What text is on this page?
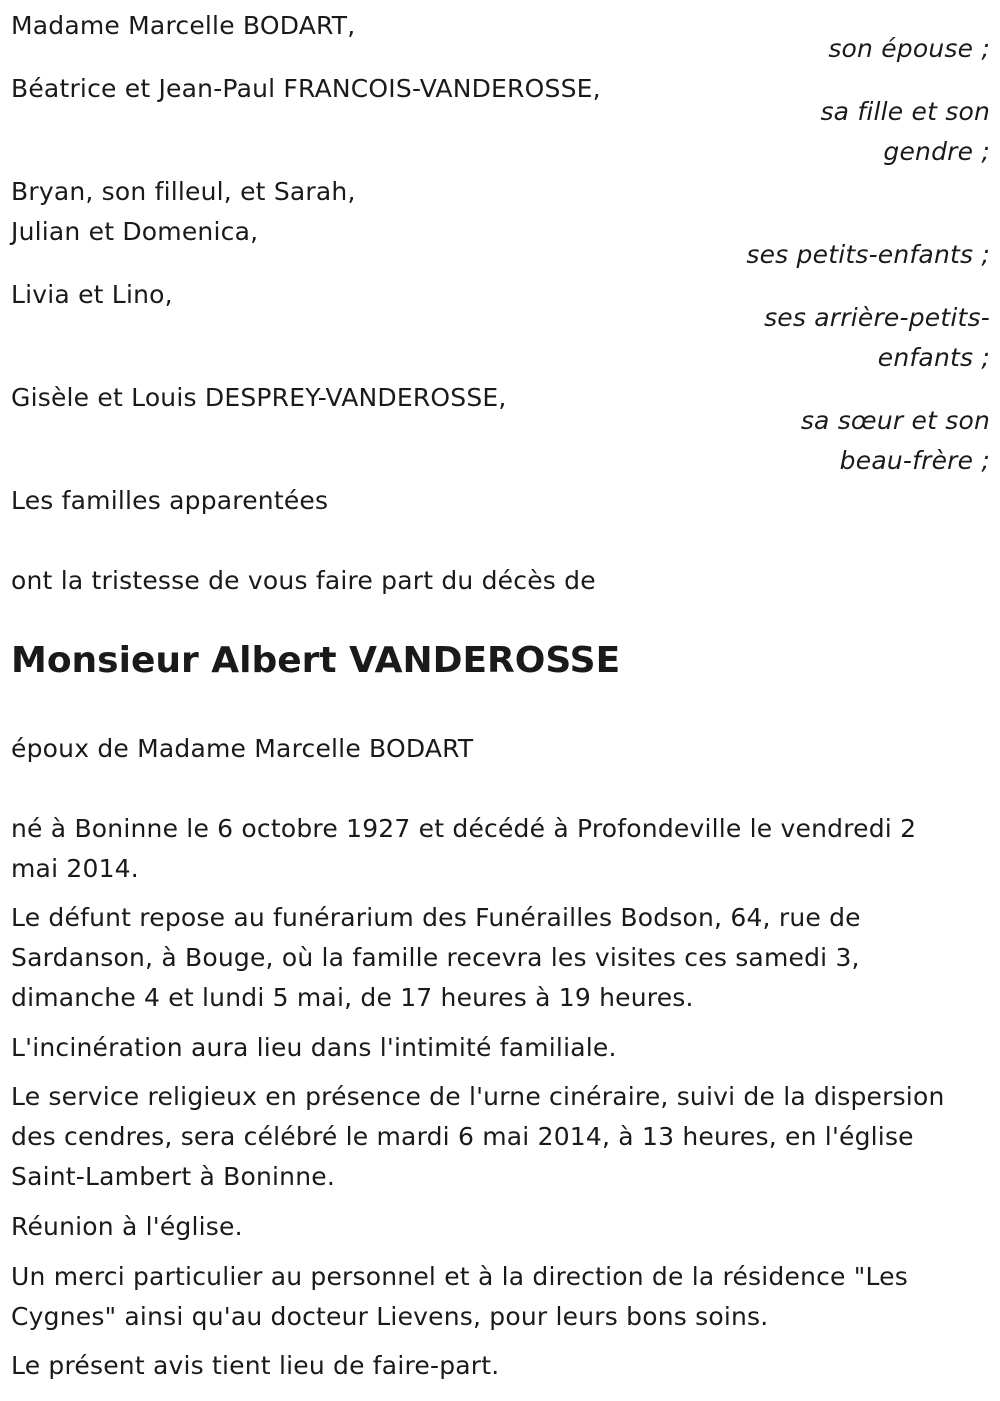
Madame Marcelle BODART,
son épouse ;
Béatrice et Jean-Paul FRANCOIS-VANDEROSSE,
sa fille et son
gendre ;
Bryan, son filleul, et Sarah,
Julian et Domenica,
ses petits-enfants ;
Livia et Lino,
ses arrière-petits-
enfants ;
Gisèle et Louis DESPREY-VANDEROSSE,
sa sœur et son
beau-frère ;
Les familles apparentées
ont la tristesse de vous faire part du décès de
Monsieur Albert VANDEROSSE
époux de Madame Marcelle BODART
né à Boninne le 6 octobre 1927 et décédé à Profondeville le vendredi 2
mai 2014.
Le défunt repose au funérarium des Funérailles Bodson, 64, rue de
Sardanson, à Bouge, où la famille recevra les visites ces samedi 3,
dimanche 4 et lundi 5 mai, de 17 heures à 19 heures.
L'incinération aura lieu dans l'intimité familiale.
Le service religieux en présence de l'urne cinéraire, suivi de la dispersion
des cendres, sera célébré le mardi 6 mai 2014, à 13 heures, en l'église
Saint-Lambert à Boninne.
Réunion à l'église.
Un merci particulier au personnel et à la direction de la résidence "Les
Cygnes" ainsi qu'au docteur Lievens, pour leurs bons soins.
Le présent avis tient lieu de faire-part.
